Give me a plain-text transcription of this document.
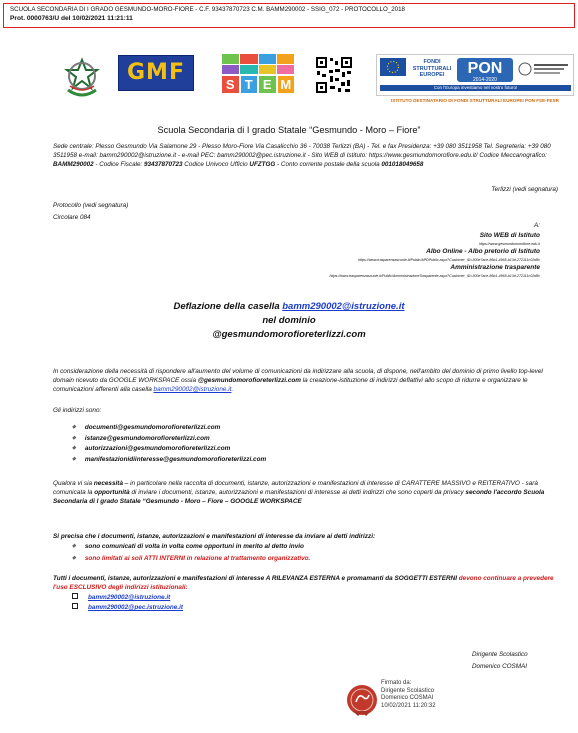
SCUOLA SECONDARIA DI I GRADO GESMUNDO-MORO-FIORE - C.F. 93437870723 C.M. BAMM290002 - SSIG_072 - PROTOCOLLO_2018
Prot. 0000763/U del 10/02/2021 11:21:11
GMF	S T E M
FONDI STRUTTURALI EUROPEI	PON
2014-2020
Con l'Europa investiamo nel vostro futuro!
ISTITUTO DESTINATARIO DI FONDI STRUTTURALI EUROPEI PON FSE-FESR
Scuola Secondaria di I grado Statale “Gesmundo - Moro – Fiore”
Sede centrale: Plesso Gesmundo Via Salamone 29 - Plesso Moro-Fiore Via Casalicchio 36 - 70038 Terlizzi (BA) - Tel. e fax Presidenza: +39 080 3511958 Tel. Segreteria: +39 080 3511958 e-mail: bamm290002@istruzione.it - e-mail PEC: bamm290002@pec.istruzione.it - Sito WEB di Istituto: https://www.gesmundomorofiore.edu.it/ Codice Meccanografico: BAMM290002 - Codice Fiscale: 93437870723 Codice Univoco Ufficio UFZTGG - Conto corrente postale della scuola 001018049658
Terlizzi (vedi segnatura)
Protocollo (vedi segnatura)
Circolare 084
A:
Sito WEB di Istituto
https://www.gesmundomorofiore.edu.it
Albo Online - Albo pretorio di Istituto
https://www.trasparenzascuole.it/Public/APDPublic.aspx?Customer_ID=300e7ace-86b1-4965-b13d-272111c02d8c
Amministrazione trasparente
https://www.trasparenzascuole.it/Public/AmministrazioneTrasparente.aspx?Customer_ID=300e7ace-86b1-4965-b13d-272111c02d8c
Deflazione della casella bamm290002@istruzione.it
nel dominio
@gesmundomorofioreterlizzi.com
In considerazione della necessità di rispondere all'aumento del volume di comunicazioni da indirizzare alla scuola, di dispone, nell'ambito del dominio di primo livello top-level domain ricevuto da GOOGLE WORKSPACE ossia @gesmundomorofioreterlizzi.com la creazione-istituzione di indirizzi deflattivi allo scopo di ridurre e organizzare le comunicazioni afferenti alla casella bamm290002@istruzione.it.
Gli indirizzi sono:
◆ documenti@gesmundomorofioreterlizzi.com
◆ istanze@gesmundomorofioreterlizzi.com
◆ autorizzazioni@gesmundomorofioreterlizzi.com
◆ manifestazionidiinteresse@gesmundomorofioreterlizzi.com
Qualora vi sia necessità – in particolare nella raccolta di documenti, istanze, autorizzazioni e manifestazioni di interesse di CARATTERE MASSIVO e REITERATIVO - sarà comunicata la opportunità di inviare i documenti, istanze, autorizzazioni e manifestazioni di interesse ai detti indirizzi che sono coperti da privacy secondo l'accordo Scuola Secondaria di I grado Statale “Gesmundo - Moro – Fiore – GOOGLE WORKSPACE
Si precisa che i documenti, istanze, autorizzazioni e manifestazioni di interesse da inviare ai detti indirizzi:
◆ sono comunicati di volta in volta come opportuni in merito al detto invio
◆ sono limitati ai soli ATTI INTERNI in relazione al trattamento organizzativo.
Tutti i documenti, istanze, autorizzazioni e manifestazioni di interesse A RILEVANZA ESTERNA e promamanti da SOGGETTI ESTERNI devono continuare a prevedere l'uso ESCLUSIVO degli indirizzi istituzionali:
bamm290002@istruzione.it
bamm290002@pec.istruzione.it
Dirigente Scolastico
Domenico COSMAI
Firmato da:
Dirigente Scolastico
Domenico COSMAI
10/02/2021 11:20:32
